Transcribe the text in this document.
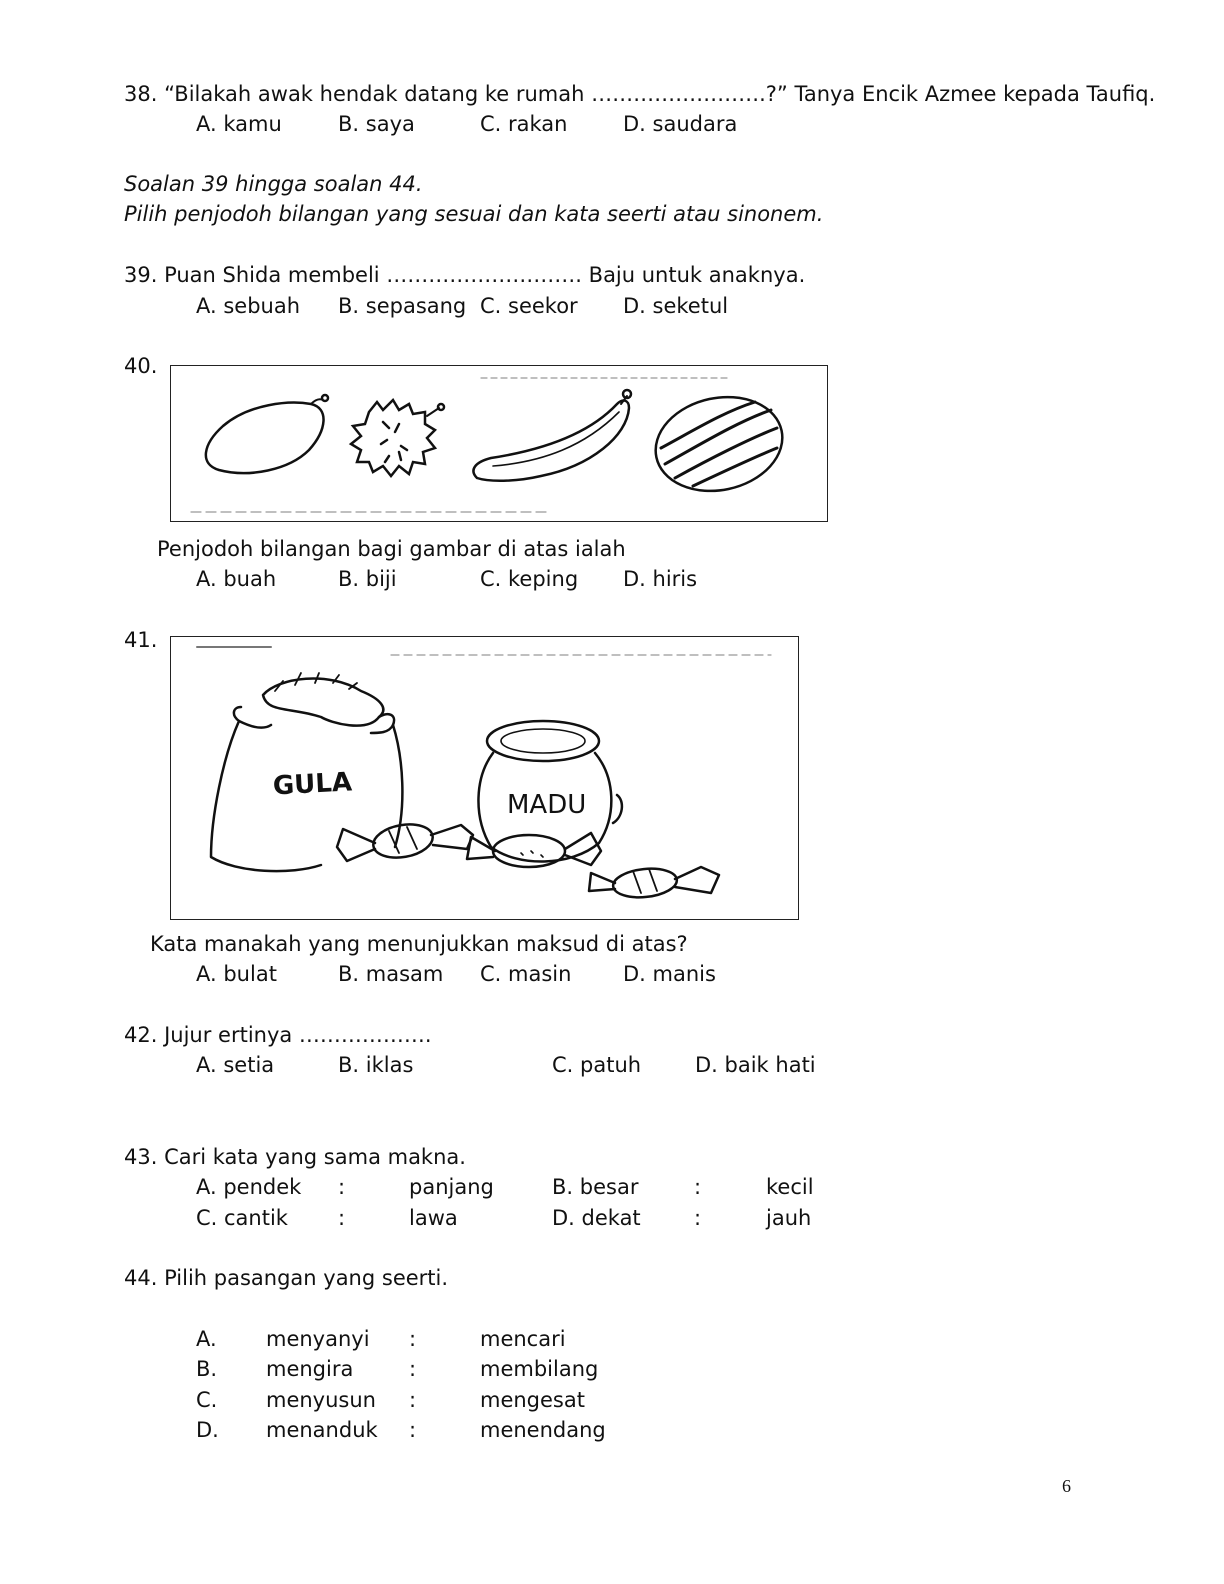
38. “Bilakah awak hendak datang ke rumah …………………….?” Tanya Encik Azmee kepada Taufiq.
A. kamu	B. saya	C. rakan	D. saudara
Soalan 39 hingga soalan 44.
Pilih penjodoh bilangan yang sesuai dan kata seerti atau sinonem.
39. Puan Shida membeli ………………………. Baju untuk anaknya.
A. sebuah B. sepasang C. seekor D. seketul
40.
Penjodoh bilangan bagi gambar di atas ialah
A. buah	B. biji	C. keping D. hiris
41.
GULA
MADU
Kata manakah yang menunjukkan maksud di atas?
A. bulat	B. masam C. masin D. manis
42. Jujur ertinya ……………….
A. setia	B. iklas	C. patuh	D. baik hati
43. Cari kata yang sama makna.
A. pendek :	panjang	B. besar	:	kecil
C. cantik :	lawa	D. dekat	:	jauh
44. Pilih pasangan yang seerti.
A. menyanyi :	mencari
B. mengira	:	membilang
C. menyusun :	mengesat
D. menanduk :	menendang
6
